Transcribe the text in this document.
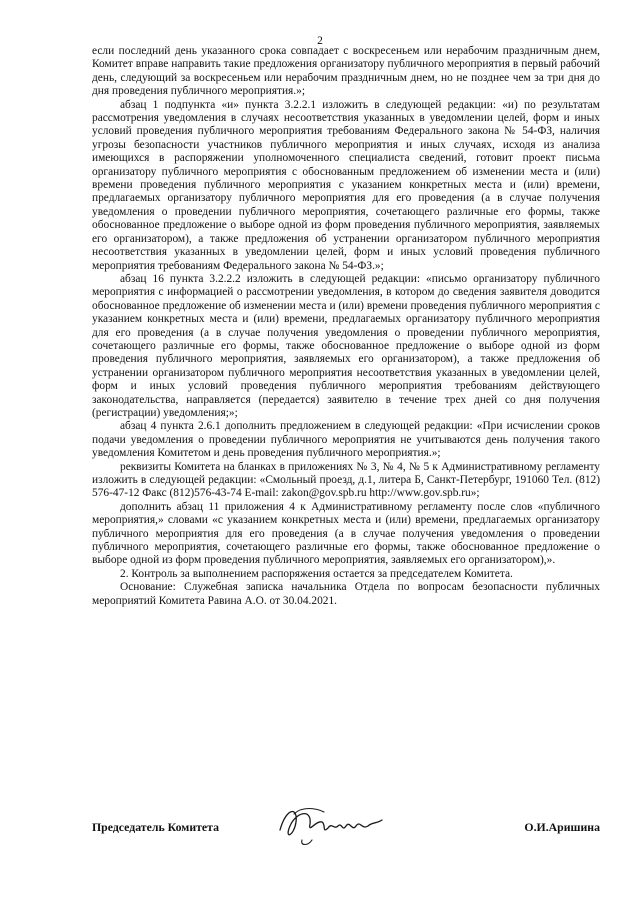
2

если последний день указанного срока совпадает с воскресеньем или нерабочим праздничным днем, Комитет вправе направить такие предложения организатору публичного мероприятия в первый рабочий день, следующий за воскресеньем или нерабочим праздничным днем, но не позднее чем за три дня до дня проведения публичного мероприятия.»;

абзац 1 подпункта «и» пункта 3.2.2.1 изложить в следующей редакции: «и) по результатам рассмотрения уведомления в случаях несоответствия указанных в уведомлении целей, форм и иных условий проведения публичного мероприятия требованиям Федерального закона № 54-ФЗ, наличия угрозы безопасности участников публичного мероприятия и иных случаях, исходя из анализа имеющихся в распоряжении уполномоченного специалиста сведений, готовит проект письма организатору публичного мероприятия с обоснованным предложением об изменении места и (или) времени проведения публичного мероприятия с указанием конкретных места и (или) времени, предлагаемых организатору публичного мероприятия для его проведения (а в случае получения уведомления о проведении публичного мероприятия, сочетающего различные его формы, также обоснованное предложение о выборе одной из форм проведения публичного мероприятия, заявляемых его организатором), а также предложения об устранении организатором публичного мероприятия несоответствия указанных в уведомлении целей, форм и иных условий проведения публичного мероприятия требованиям Федерального закона № 54-ФЗ.»;

абзац 16 пункта 3.2.2.2 изложить в следующей редакции: «письмо организатору публичного мероприятия с информацией о рассмотрении уведомления, в котором до сведения заявителя доводится обоснованное предложение об изменении места и (или) времени проведения публичного мероприятия с указанием конкретных места и (или) времени, предлагаемых организатору публичного мероприятия для его проведения (а в случае получения уведомления о проведении публичного мероприятия, сочетающего различные его формы, также обоснованное предложение о выборе одной из форм проведения публичного мероприятия, заявляемых его организатором), а также предложения об устранении организатором публичного мероприятия несоответствия указанных в уведомлении целей, форм и иных условий проведения публичного мероприятия требованиям действующего законодательства, направляется (передается) заявителю в течение трех дней со дня получения (регистрации) уведомления;»;

абзац 4 пункта 2.6.1 дополнить предложением в следующей редакции: «При исчислении сроков подачи уведомления о проведении публичного мероприятия не учитываются день получения такого уведомления Комитетом и день проведения публичного мероприятия.»;

реквизиты Комитета на бланках в приложениях № 3, № 4, № 5 к Административному регламенту изложить в следующей редакции: «Смольный проезд, д.1, литера Б, Санкт-Петербург, 191060 Тел. (812) 576-47-12 Факс (812)576-43-74 E-mail: zakon@gov.spb.ru http://www.gov.spb.ru»;

дополнить абзац 11 приложения 4 к Административному регламенту после слов «публичного мероприятия,» словами «с указанием конкретных места и (или) времени, предлагаемых организатору публичного мероприятия для его проведения (а в случае получения уведомления о проведении публичного мероприятия, сочетающего различные его формы, также обоснованное предложение о выборе одной из форм проведения публичного мероприятия, заявляемых его организатором),».

2. Контроль за выполнением распоряжения остается за председателем Комитета.

Основание: Служебная записка начальника Отдела по вопросам безопасности публичных мероприятий Комитета Равина А.О. от 30.04.2021.

Председатель Комитета	О.И.Аришина
